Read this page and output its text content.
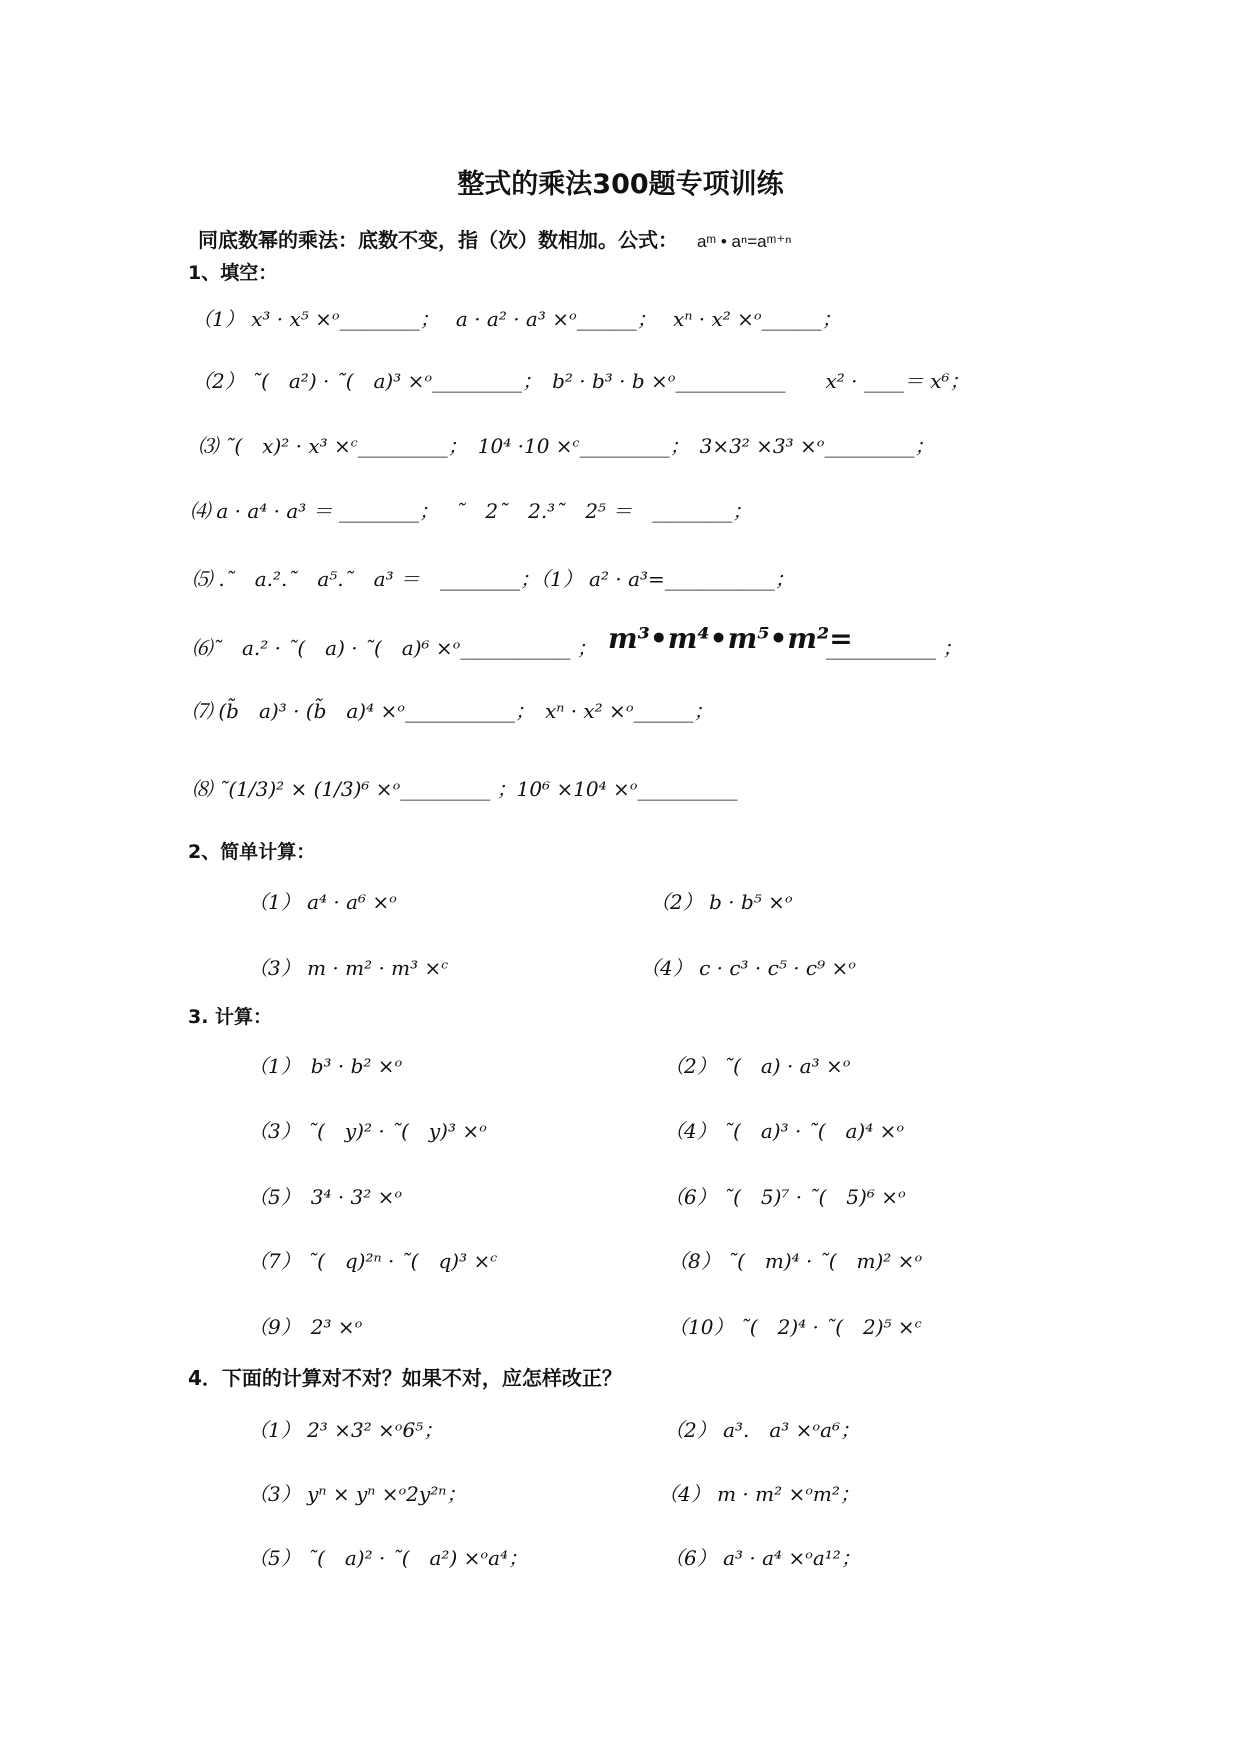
整式的乘法300题专项训练
同底数幂的乘法：底数不变，指（次）数相加。公式： aᵐ • aⁿ=aᵐ⁺ⁿ
1、填空：
（1） x³ · x⁵ ×ᵒ________；　 a · a² · a³ ×ᵒ______；　 xⁿ · x² ×ᵒ______；
（2） ˜(　a²) · ˜(　a)³ ×ᵒ_________；　b² · b³ · b ×ᵒ___________　　x² · ____＝ x⁶；
⑶ ˜(　x)² · x³ ×ᶜ_________；　10⁴ ·10 ×ᶜ_________；　3×3² ×3³ ×ᵒ_________；
⑷ a · a⁴ · a³ ＝ ________；　 ˜　2˜　2.³˜　2⁵ ＝　________；
⑸ .˜　a.².˜　a⁵.˜　a³ ＝　________；（1） a² · a³=___________；
⑹˜　a.² · ˜(　a) · ˜(　a)⁶ ×ᵒ___________ ； m³•m⁴•m⁵•m²=
___________ ；
⑺ (b̃　a)³ · (b̃　a)⁴ ×ᵒ___________；　xⁿ · x² ×ᵒ______；
⑻ ˜(1/3)² × (1/3)⁶ ×ᵒ_________ ；10⁶ ×10⁴ ×ᵒ__________
2、简单计算：
（1） a⁴ · a⁶ ×ᵒ	（2） b · b⁵ ×ᵒ
（3） m · m² · m³ ×ᶜ	（4） c · c³ · c⁵ · c⁹ ×ᵒ
3. 计算：
（1）　b³ · b² ×ᵒ	（2） ˜(　a) · a³ ×ᵒ
（3） ˜(　y)² · ˜(　y)³ ×ᵒ	（4） ˜(　a)³ · ˜(　a)⁴ ×ᵒ
（5）　3⁴ · 3² ×ᵒ	（6） ˜(　5)⁷ · ˜(　5)⁶ ×ᵒ
（7） ˜(　q)²ⁿ · ˜(　q)³ ×ᶜ	（8） ˜(　m)⁴ · ˜(　m)² ×ᵒ
（9）　2³ ×ᵒ	（10） ˜(　2)⁴ · ˜(　2)⁵ ×ᶜ
4．下面的计算对不对？如果不对，应怎样改正？
（1） 2³ ×3² ×ᵒ6⁵；	（2） a³.　a³ ×ᵒa⁶；
（3） yⁿ × yⁿ ×ᵒ2y²ⁿ；	（4） m · m² ×ᵒm²；
（5） ˜(　a)² · ˜(　a²) ×ᵒa⁴；	（6） a³ · a⁴ ×ᵒa¹²；
